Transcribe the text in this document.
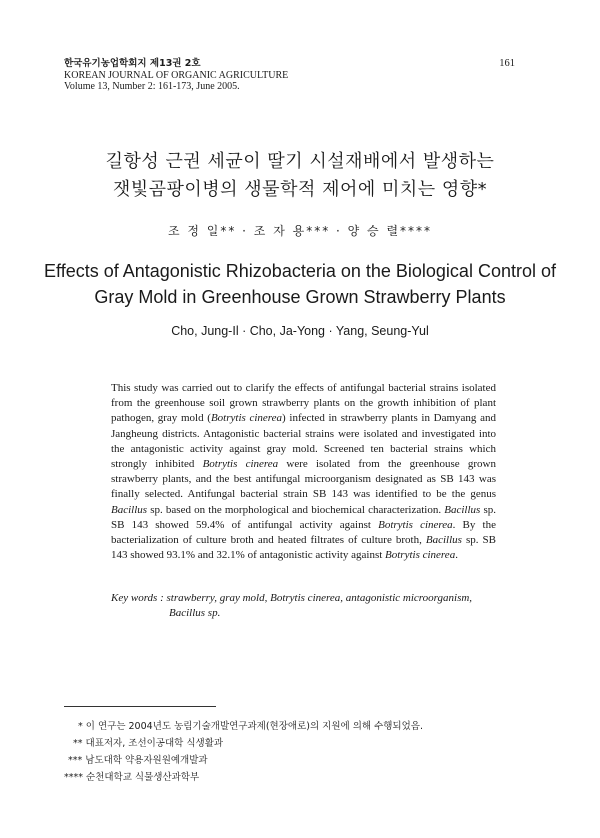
한국유기농업학회지 제13권 2호
KOREAN JOURNAL OF ORGANIC AGRICULTURE
Volume 13, Number 2: 161-173, June 2005.
161
길항성 근권 세균이 딸기 시설재배에서 발생하는
잿빛곰팡이병의 생물학적 제어에 미치는 영향*
조 정 일** · 조 자 용*** · 양 승 렬****
Effects of Antagonistic Rhizobacteria on the Biological Control of
Gray Mold in Greenhouse Grown Strawberry Plants
Cho, Jung-Il · Cho, Ja-Yong · Yang, Seung-Yul

This study was carried out to clarify the effects of antifungal bacterial strains isolated from the greenhouse soil grown strawberry plants on the growth inhibition of plant pathogen, gray mold (Botrytis cinerea) infected in strawberry plants in Damyang and Jangheung districts. Antagonistic bacterial strains were isolated and investigated into the antagonistic activity against gray mold. Screened ten bacterial strains which strongly inhibited Botrytis cinerea were isolated from the greenhouse grown strawberry plants, and the best antifungal microorganism designated as SB 143 was finally selected. Antifungal bacterial strain SB 143 was identified to be the genus Bacillus sp. based on the morphological and biochemical characterization. Bacillus sp. SB 143 showed 59.4% of antifungal activity against Botrytis cinerea. By the bacterialization of culture broth and heated filtrates of culture broth, Bacillus sp. SB 143 showed 93.1% and 32.1% of antagonistic activity against Botrytis cinerea.

Key words : strawberry, gray mold, Botrytis cinerea, antagonistic microorganism,
Bacillus sp.
* 이 연구는 2004년도 농림기술개발연구과제(현장애로)의 지원에 의해 수행되었음.
** 대표저자, 조선이공대학 식생활과
*** 남도대학 약용자원원예개발과
**** 순천대학교 식물생산과학부
